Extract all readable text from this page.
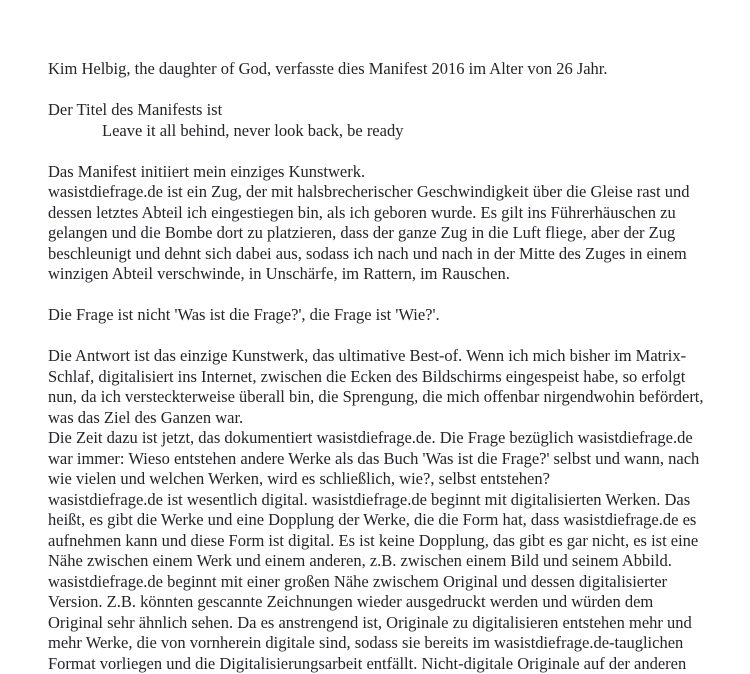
Kim Helbig, the daughter of God, verfasste dies Manifest 2016 im Alter von 26 Jahr.
Der Titel des Manifests ist
	Leave it all behind, never look back, be ready
Das Manifest initiiert mein einziges Kunstwerk.
wasistdiefrage.de ist ein Zug, der mit halsbrecherischer Geschwindigkeit über die Gleise rast und
dessen letztes Abteil ich eingestiegen bin, als ich geboren wurde. Es gilt ins Führerhäuschen zu
gelangen und die Bombe dort zu platzieren, dass der ganze Zug in die Luft fliege, aber der Zug
beschleunigt und dehnt sich dabei aus, sodass ich nach und nach in der Mitte des Zuges in einem
winzigen Abteil verschwinde, in Unschärfe, im Rattern, im Rauschen.
Die Frage ist nicht 'Was ist die Frage?', die Frage ist 'Wie?'.
Die Antwort ist das einzige Kunstwerk, das ultimative Best-of. Wenn ich mich bisher im Matrix-
Schlaf, digitalisiert ins Internet, zwischen die Ecken des Bildschirms eingespeist habe, so erfolgt
nun, da ich versteckterweise überall bin, die Sprengung, die mich offenbar nirgendwohin befördert,
was das Ziel des Ganzen war.
Die Zeit dazu ist jetzt, das dokumentiert wasistdiefrage.de. Die Frage bezüglich wasistdiefrage.de
war immer: Wieso entstehen andere Werke als das Buch 'Was ist die Frage?' selbst und wann, nach
wie vielen und welchen Werken, wird es schließlich, wie?, selbst entstehen?
wasistdiefrage.de ist wesentlich digital. wasistdiefrage.de beginnt mit digitalisierten Werken. Das
heißt, es gibt die Werke und eine Dopplung der Werke, die die Form hat, dass wasistdiefrage.de es
aufnehmen kann und diese Form ist digital. Es ist keine Dopplung, das gibt es gar nicht, es ist eine
Nähe zwischen einem Werk und einem anderen, z.B. zwischen einem Bild und seinem Abbild.
wasistdiefrage.de beginnt mit einer großen Nähe zwischem Original und dessen digitalisierter
Version. Z.B. könnten gescannte Zeichnungen wieder ausgedruckt werden und würden dem
Original sehr ähnlich sehen. Da es anstrengend ist, Originale zu digitalisieren entstehen mehr und
mehr Werke, die von vornherein digitale sind, sodass sie bereits im wasistdiefrage.de-tauglichen
Format vorliegen und die Digitalisierungsarbeit entfällt. Nicht-digitale Originale auf der anderen
